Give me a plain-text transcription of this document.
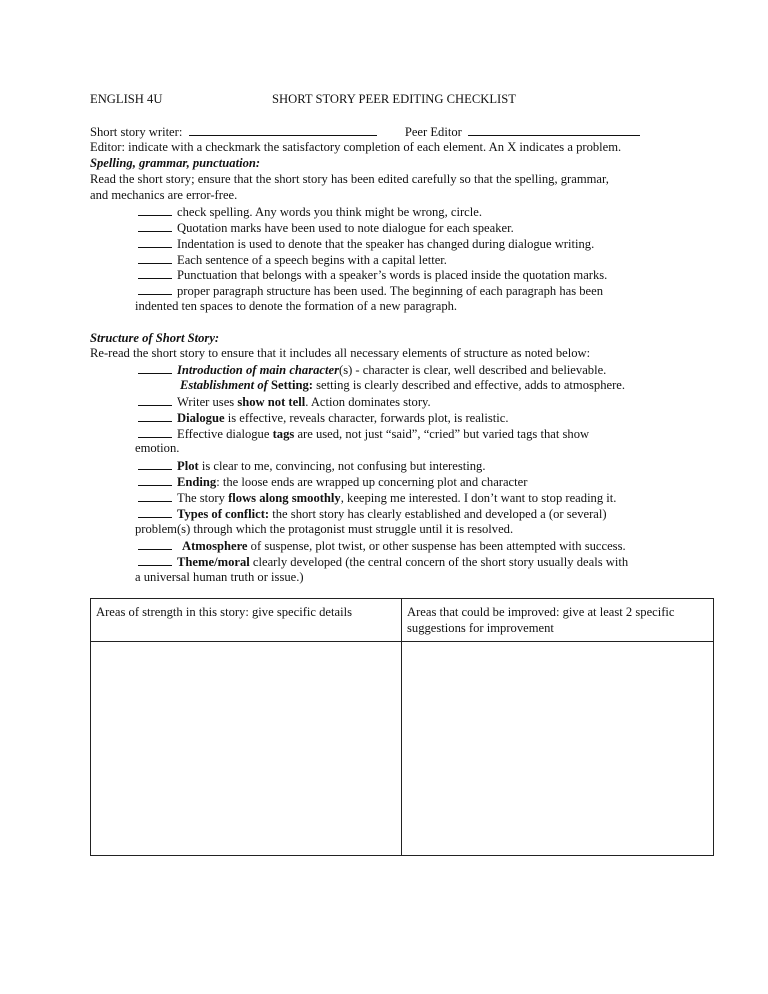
ENGLISH 4U	SHORT STORY PEER EDITING CHECKLIST
Short story writer:	Peer Editor
Editor: indicate with a checkmark the satisfactory completion of each element. An X indicates a problem.
Spelling, grammar, punctuation:
Read the short story; ensure that the short story has been edited carefully so that the spelling, grammar,
and mechanics are error-free.
check spelling. Any words you think might be wrong, circle.
Quotation marks have been used to note dialogue for each speaker.
Indentation is used to denote that the speaker has changed during dialogue writing.
Each sentence of a speech begins with a capital letter.
Punctuation that belongs with a speaker’s words is placed inside the quotation marks.
proper paragraph structure has been used. The beginning of each paragraph has been
indented ten spaces to denote the formation of a new paragraph.
Structure of Short Story:
Re-read the short story to ensure that it includes all necessary elements of structure as noted below:
Introduction of main character(s) - character is clear, well described and believable.
Establishment of Setting: setting is clearly described and effective, adds to atmosphere.
Writer uses show not tell. Action dominates story.
Dialogue is effective, reveals character, forwards plot, is realistic.
Effective dialogue tags are used, not just “said”, “cried” but varied tags that show
emotion.
Plot is clear to me, convincing, not confusing but interesting.
Ending: the loose ends are wrapped up concerning plot and character
The story flows along smoothly, keeping me interested. I don’t want to stop reading it.
Types of conflict: the short story has clearly established and developed a (or several)
problem(s) through which the protagonist must struggle until it is resolved.
Atmosphere of suspense, plot twist, or other suspense has been attempted with success.
Theme/moral clearly developed (the central concern of the short story usually deals with
a universal human truth or issue.)
Areas of strength in this story: give specific details	Areas that could be improved: give at least 2 specific
suggestions for improvement
